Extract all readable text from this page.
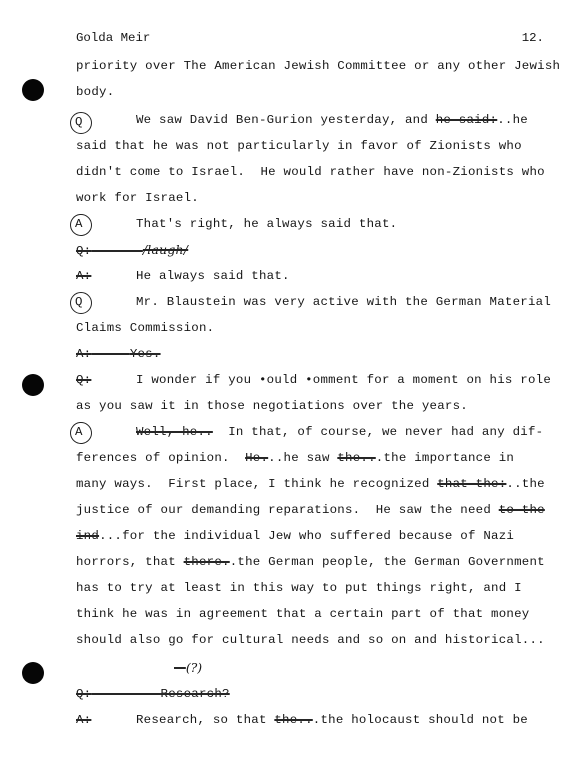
Golda Meir	12.
priority over The American Jewish Committee or any other Jewish
body.
Q	We saw David Ben-Gurion yesterday, and he said:..he
said that he was not particularly in favor of Zionists who
didn't come to Israel.  He would rather have non-Zionists who
work for Israel.
A	That's right, he always said that.
Q:	/laugh/
A:	He always said that.
Q	Mr. Blaustein was very active with the German Material
Claims Commission.
A:	Yes.
Q:	I wonder if you •ould •omment for a moment on his role
as you saw it in those negotiations over the years.
A	Well, he..  In that, of course, we never had any dif-
ferences of opinion.  He...he saw the...the importance in
many ways.  First place, I think he recognized that the:..the
justice of our demanding reparations.  He saw the need to the
ind...for the individual Jew who suffered because of Nazi
horrors, that there..the German people, the German Government
has to try at least in this way to put things right, and I
think he was in agreement that a certain part of that money
should also go for cultural needs and so on and historical...
(?)
Q:	Research?
A:	Research, so that the...the holocaust should not be
